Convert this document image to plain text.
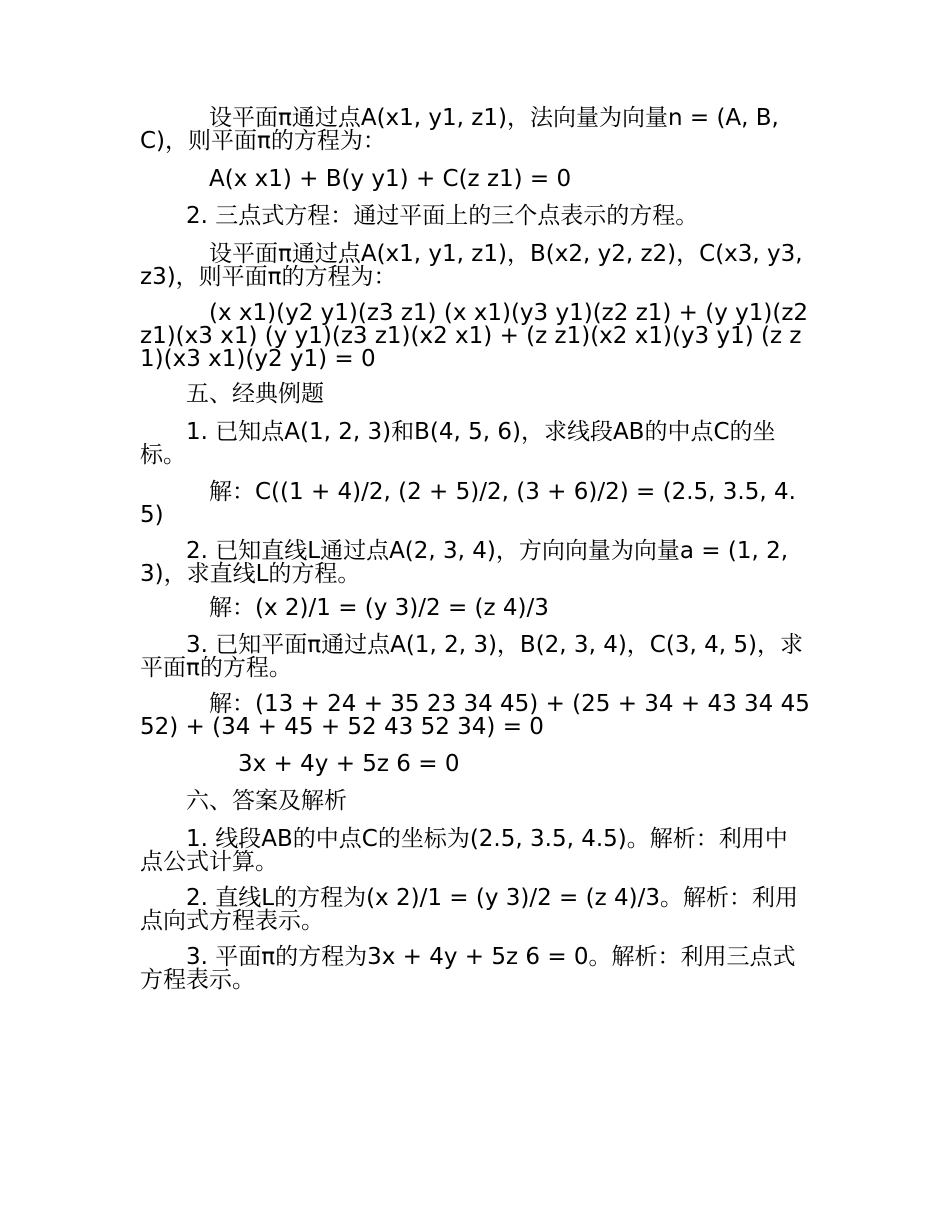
设平面π通过点A(x1, y1, z1)，法向量为向量n = (A, B, C)，则平面π的方程为：
A(x x1) + B(y y1) + C(z z1) = 0
2. 三点式方程：通过平面上的三个点表示的方程。
设平面π通过点A(x1, y1, z1)，B(x2, y2, z2)，C(x3, y3, z3)，则平面π的方程为：
(x x1)(y2 y1)(z3 z1) (x x1)(y3 y1)(z2 z1) + (y y1)(z2 z1)(x3 x1) (y y1)(z3 z1)(x2 x1) + (z z1)(x2 x1)(y3 y1) (z z1)(x3 x1)(y2 y1) = 0
五、经典例题
1. 已知点A(1, 2, 3)和B(4, 5, 6)，求线段AB的中点C的坐标。
解：C((1 + 4)/2, (2 + 5)/2, (3 + 6)/2) = (2.5, 3.5, 4.5)
2. 已知直线L通过点A(2, 3, 4)，方向向量为向量a = (1, 2, 3)，求直线L的方程。
解：(x 2)/1 = (y 3)/2 = (z 4)/3
3. 已知平面π通过点A(1, 2, 3)，B(2, 3, 4)，C(3, 4, 5)，求平面π的方程。
解：(13 + 24 + 35 23 34 45) + (25 + 34 + 43 34 45 52) + (34 + 45 + 52 43 52 34) = 0
3x + 4y + 5z 6 = 0
六、答案及解析
1. 线段AB的中点C的坐标为(2.5, 3.5, 4.5)。解析：利用中点公式计算。
2. 直线L的方程为(x 2)/1 = (y 3)/2 = (z 4)/3。解析：利用点向式方程表示。
3. 平面π的方程为3x + 4y + 5z 6 = 0。解析：利用三点式方程表示。
